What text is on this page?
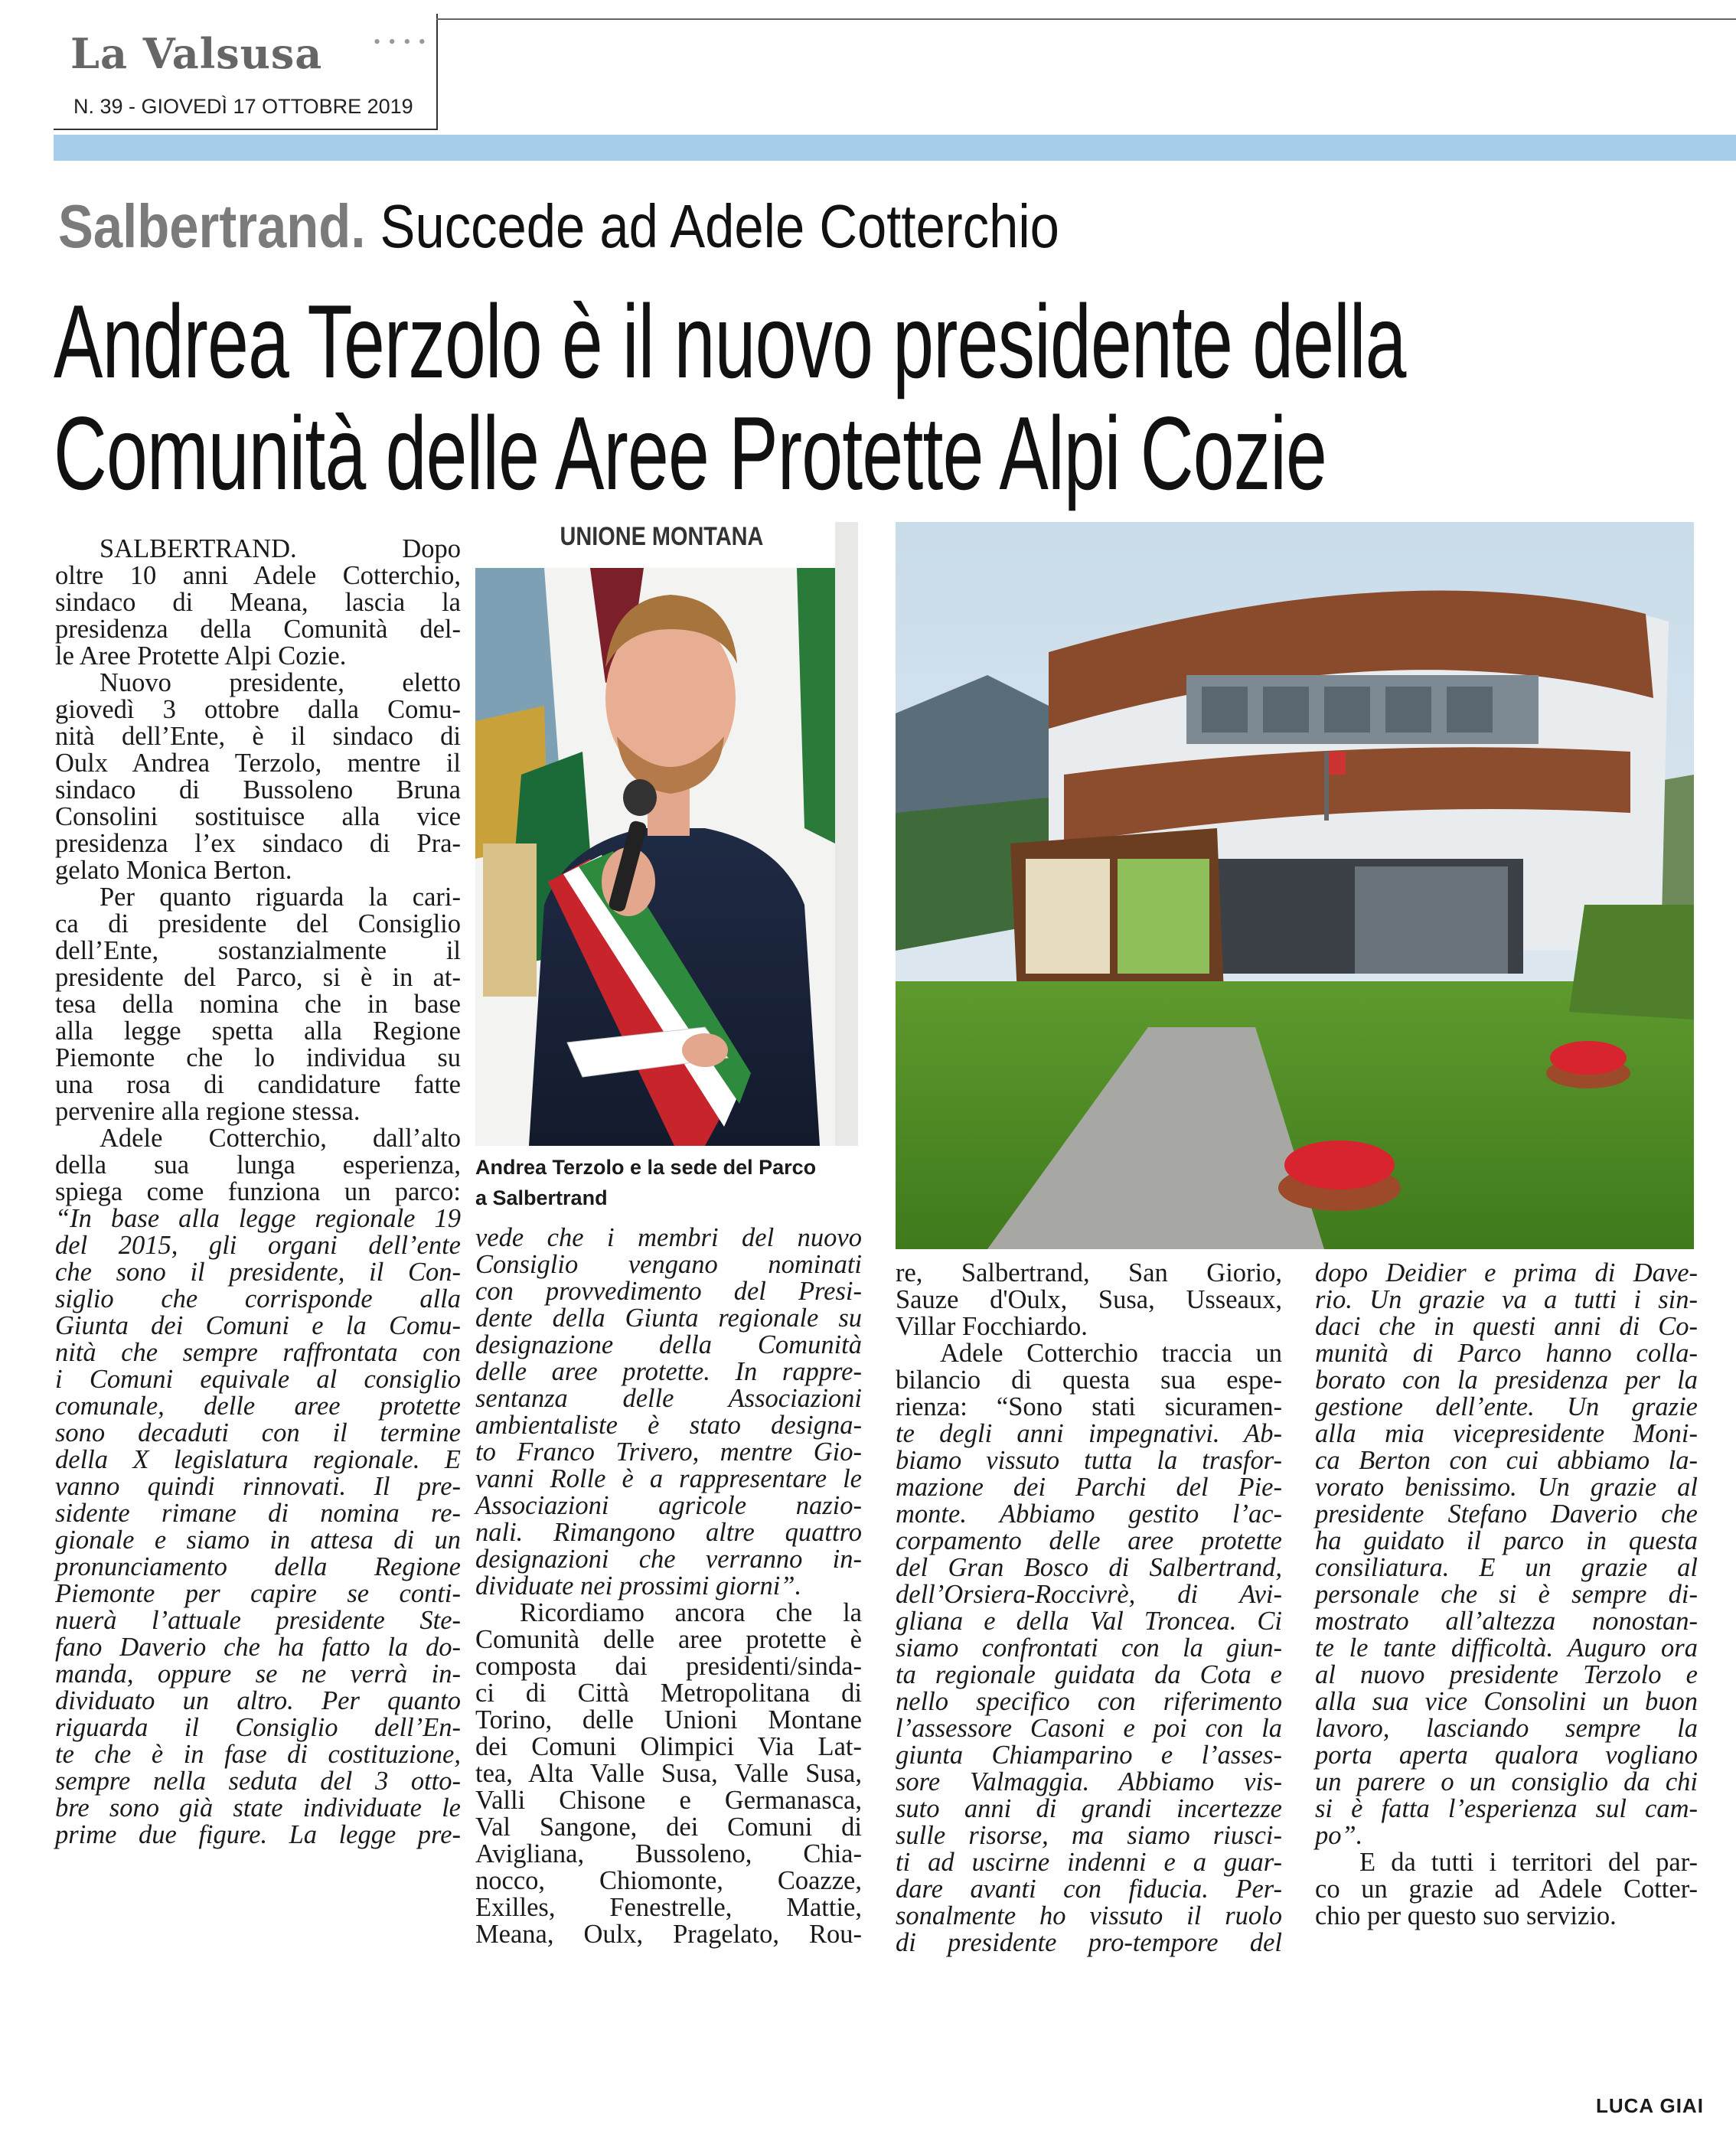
La Valsusa	• • • •
N. 39 - GIOVEDÌ 17 OTTOBRE 2019
Salbertrand. Succede ad Adele Cotterchio
Andrea Terzolo è il nuovo presidente della
Comunità delle Aree Protette Alpi Cozie
UNIONE MONTANA
Andrea Terzolo e la sede del Parco
a Salbertrand
SALBERTRAND. Dopo
oltre 10 anni Adele Cotterchio,
sindaco di Meana, lascia la
presidenza della Comunità del-
le Aree Protette Alpi Cozie.
Nuovo presidente, eletto
giovedì 3 ottobre dalla Comu-
nità dell’Ente, è il sindaco di
Oulx Andrea Terzolo, mentre il
sindaco di Bussoleno Bruna
Consolini sostituisce alla vice
presidenza l’ex sindaco di Pra-
gelato Monica Berton.
Per quanto riguarda la cari-
ca di presidente del Consiglio
dell’Ente, sostanzialmente il
presidente del Parco, si è in at-
tesa della nomina che in base
alla legge spetta alla Regione
Piemonte che lo individua su
una rosa di candidature fatte
pervenire alla regione stessa.
Adele Cotterchio, dall’alto
della sua lunga esperienza,
spiega come funziona un parco:
“In base alla legge regionale 19
del 2015, gli organi dell’ente
che sono il presidente, il Con-
siglio che corrisponde alla
Giunta dei Comuni e la Comu-
nità che sempre raffrontata con
i Comuni equivale al consiglio
comunale, delle aree protette
sono decaduti con il termine
della X legislatura regionale. E
vanno quindi rinnovati. Il pre-
sidente rimane di nomina re-
gionale e siamo in attesa di un
pronunciamento della Regione
Piemonte per capire se conti-
nuerà l’attuale presidente Ste-
fano Daverio che ha fatto la do-
manda, oppure se ne verrà in-
dividuato un altro. Per quanto
riguarda il Consiglio dell’En-
te che è in fase di costituzione,
sempre nella seduta del 3 otto-
bre sono già state individuate le
prime due figure. La legge pre-
vede che i membri del nuovo
Consiglio vengano nominati
con provvedimento del Presi-
dente della Giunta regionale su
designazione della Comunità
delle aree protette. In rappre-
sentanza delle Associazioni
ambientaliste è stato designa-
to Franco Trivero, mentre Gio-
vanni Rolle è a rappresentare le
Associazioni agricole nazio-
nali. Rimangono altre quattro
designazioni che verranno in-
dividuate nei prossimi giorni”.
Ricordiamo ancora che la
Comunità delle aree protette è
composta dai presidenti/sinda-
ci di Città Metropolitana di
Torino, delle Unioni Montane
dei Comuni Olimpici Via Lat-
tea, Alta Valle Susa, Valle Susa,
Valli Chisone e Germanasca,
Val Sangone, dei Comuni di
Avigliana, Bussoleno, Chia-
nocco, Chiomonte, Coazze,
Exilles, Fenestrelle, Mattie,
Meana, Oulx, Pragelato, Rou-
re, Salbertrand, San Giorio,
Sauze d'Oulx, Susa, Usseaux,
Villar Focchiardo.
Adele Cotterchio traccia un
bilancio di questa sua espe-
rienza: “Sono stati sicuramen-
te degli anni impegnativi. Ab-
biamo vissuto tutta la trasfor-
mazione dei Parchi del Pie-
monte. Abbiamo gestito l’ac-
corpamento delle aree protette
del Gran Bosco di Salbertrand,
dell’Orsiera-Roccivrè, di Avi-
gliana e della Val Troncea. Ci
siamo confrontati con la giun-
ta regionale guidata da Cota e
nello specifico con riferimento
l’assessore Casoni e poi con la
giunta Chiamparino e l’asses-
sore Valmaggia. Abbiamo vis-
suto anni di grandi incertezze
sulle risorse, ma siamo riusci-
ti ad uscirne indenni e a guar-
dare avanti con fiducia. Per-
sonalmente ho vissuto il ruolo
di presidente pro-tempore del
dopo Deidier e prima di Dave-
rio. Un grazie va a tutti i sin-
daci che in questi anni di Co-
munità di Parco hanno colla-
borato con la presidenza per la
gestione dell’ente. Un grazie
alla mia vicepresidente Moni-
ca Berton con cui abbiamo la-
vorato benissimo. Un grazie al
presidente Stefano Daverio che
ha guidato il parco in questa
consiliatura. E un grazie al
personale che si è sempre di-
mostrato all’altezza nonostan-
te le tante difficoltà. Auguro ora
al nuovo presidente Terzolo e
alla sua vice Consolini un buon
lavoro, lasciando sempre la
porta aperta qualora vogliano
un parere o un consiglio da chi
si è fatta l’esperienza sul cam-
po”.
E da tutti i territori del par-
co un grazie ad Adele Cotter-
chio per questo suo servizio.
LUCA GIAI
